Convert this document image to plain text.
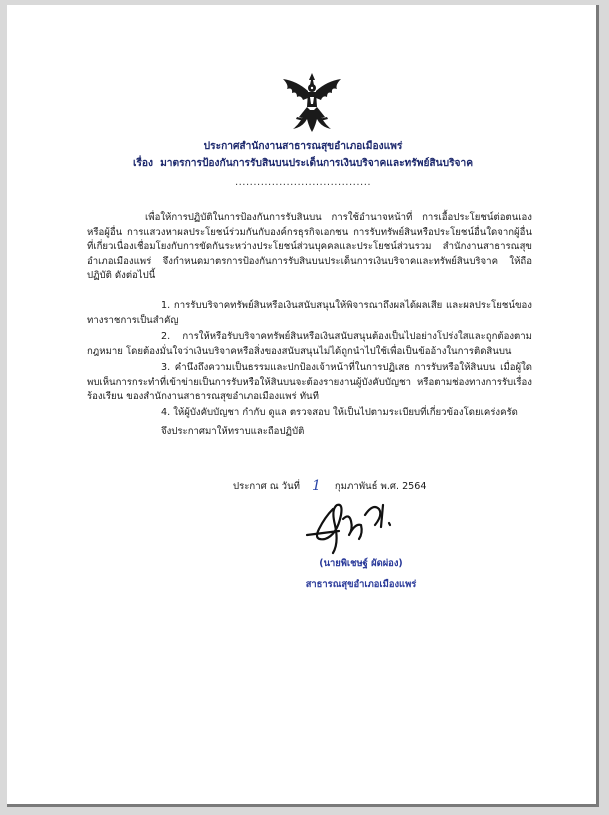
ประกาศสำนักงานสาธารณสุขอำเภอเมืองแพร่
เรื่อง มาตรการป้องกันการรับสินบนประเด็นการเงินบริจาคและทรัพย์สินบริจาค
.....................................
เพื่อให้การปฏิบัติในการป้องกันการรับสินบน การใช้อำนาจหน้าที่ การเอื้อประโยชน์ต่อตนเองหรือผู้อื่น การแสวงหาผลประโยชน์ร่วมกันกับองค์กรธุรกิจเอกชน การรับทรัพย์สินหรือประโยชน์อื่นใดจากผู้อื่น ที่เกี่ยวเนื่องเชื่อมโยงกับการขัดกันระหว่างประโยชน์ส่วนบุคคลและประโยชน์ส่วนรวม สำนักงานสาธารณสุขอำเภอเมืองแพร่ จึงกำหนดมาตรการป้องกันการรับสินบนประเด็นการเงินบริจาคและทรัพย์สินบริจาค ให้ถือปฏิบัติ ดังต่อไปนี้
1. การรับบริจาคทรัพย์สินหรือเงินสนับสนุนให้พิจารณาถึงผลได้ผลเสีย และผลประโยชน์ของทางราชการเป็นสำคัญ
2. การให้หรือรับบริจาคทรัพย์สินหรือเงินสนับสนุนต้องเป็นไปอย่างโปร่งใสและถูกต้องตามกฎหมาย โดยต้องมั่นใจว่าเงินบริจาคหรือสิ่งของสนับสนุนไม่ได้ถูกนำไปใช้เพื่อเป็นข้ออ้างในการติดสินบน
3. คำนึงถึงความเป็นธรรมและปกป้องเจ้าหน้าที่ในการปฏิเสธ การรับหรือให้สินบน เมื่อผู้ใดพบเห็นการกระทำที่เข้าข่ายเป็นการรับหรือให้สินบนจะต้องรายงานผู้บังคับบัญชา หรือตามช่องทางการรับเรื่องร้องเรียน ของสำนักงานสาธารณสุขอำเภอเมืองแพร่ ทันที
4. ให้ผู้บังคับบัญชา กำกับ ดูแล ตรวจสอบ ให้เป็นไปตามระเบียบที่เกี่ยวข้องโดยเคร่งครัด
จึงประกาศมาให้ทราบและถือปฏิบัติ
ประกาศ ณ วันที่ 1 กุมภาพันธ์ พ.ศ. 2564
(นายพิเชษฐ์ ผัดผ่อง)
สาธารณสุขอำเภอเมืองแพร่
